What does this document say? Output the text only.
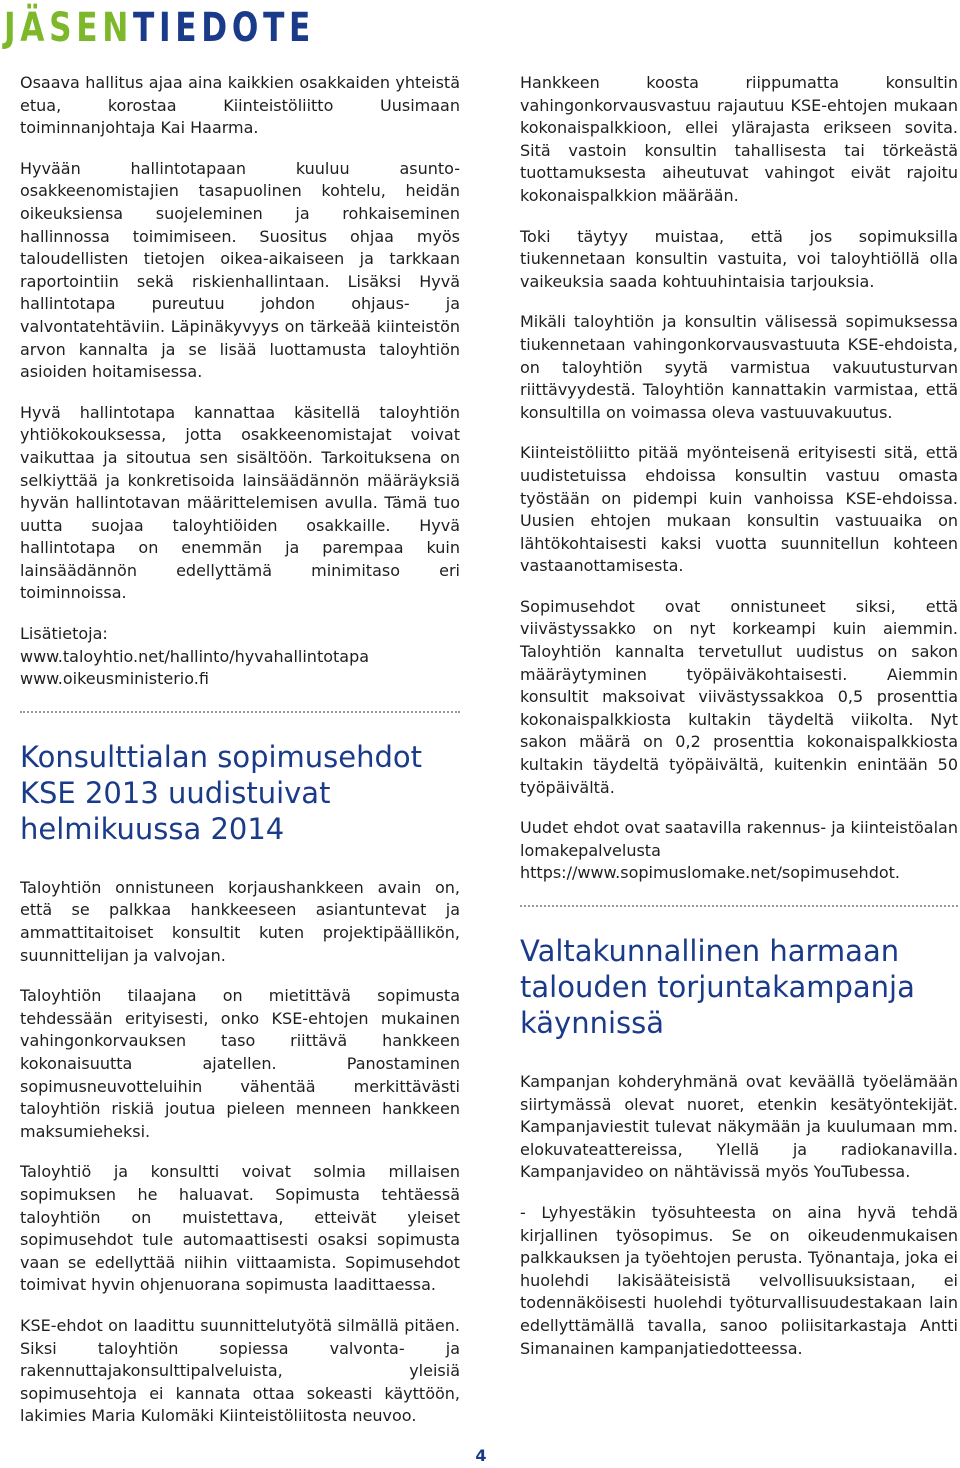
JÄSENTIEDOTE

Osaava hallitus ajaa aina kaikkien osakkaiden yhteistä etua, korostaa Kiinteistöliitto Uusimaan toiminnanjohtaja Kai Haarma.

Hyvään hallintotapaan kuuluu asunto-osakkeenomistajien tasapuolinen kohtelu, heidän oikeuksiensa suojeleminen ja rohkaiseminen hallinnossa toimimiseen. Suositus ohjaa myös taloudellisten tietojen oikea-aikaiseen ja tarkkaan raportointiin sekä riskienhallintaan. Lisäksi Hyvä hallintotapa pureutuu johdon ohjaus- ja valvontatehtäviin. Läpinäkyvyys on tärkeää kiinteistön arvon kannalta ja se lisää luottamusta taloyhtiön asioiden hoitamisessa.

Hyvä hallintotapa kannattaa käsitellä taloyhtiön yhtiökokouksessa, jotta osakkeenomistajat voivat vaikuttaa ja sitoutua sen sisältöön. Tarkoituksena on selkiyttää ja konkretisoida lainsäädännön määräyksiä hyvän hallintotavan määrittelemisen avulla. Tämä tuo uutta suojaa taloyhtiöiden osakkaille. Hyvä hallintotapa on enemmän ja parempaa kuin lainsäädännön edellyttämä minimitaso eri toiminnoissa.

Lisätietoja:
www.taloyhtio.net/hallinto/hyvahallintotapa
www.oikeusministerio.fi
Konsulttialan sopimusehdot KSE 2013 uudistuivat helmikuussa 2014

Taloyhtiön onnistuneen korjaushankkeen avain on, että se palkkaa hankkeeseen asiantuntevat ja ammattitaitoiset konsultit kuten projektipäällikön, suunnittelijan ja valvojan.

Taloyhtiön tilaajana on mietittävä sopimusta tehdessään erityisesti, onko KSE-ehtojen mukainen vahingonkorvauksen taso riittävä hankkeen kokonaisuutta ajatellen. Panostaminen sopimusneuvotteluihin vähentää merkittävästi taloyhtiön riskiä joutua pieleen menneen hankkeen maksumieheksi.

Taloyhtiö ja konsultti voivat solmia millaisen sopimuksen he haluavat. Sopimusta tehtäessä taloyhtiön on muistettava, etteivät yleiset sopimusehdot tule automaattisesti osaksi sopimusta vaan se edellyttää niihin viittaamista. Sopimusehdot toimivat hyvin ohjenuorana sopimusta laadittaessa.

KSE-ehdot on laadittu suunnittelutyötä silmällä pitäen. Siksi taloyhtiön sopiessa valvonta- ja rakennuttajakonsulttipalveluista, yleisiä sopimusehtoja ei kannata ottaa sokeasti käyttöön, lakimies Maria Kulomäki Kiinteistöliitosta neuvoo.

Hankkeen koosta riippumatta konsultin vahingonkorvausvastuu rajautuu KSE-ehtojen mukaan kokonaispalkkioon, ellei ylärajasta erikseen sovita. Sitä vastoin konsultin tahallisesta tai törkeästä tuottamuksesta aiheutuvat vahingot eivät rajoitu kokonaispalkkion määrään.

Toki täytyy muistaa, että jos sopimuksilla tiukennetaan konsultin vastuita, voi taloyhtiöllä olla vaikeuksia saada kohtuuhintaisia tarjouksia.

Mikäli taloyhtiön ja konsultin välisessä sopimuksessa tiukennetaan vahingonkorvausvastuuta KSE-ehdoista, on taloyhtiön syytä varmistua vakuutusturvan riittävyydestä. Taloyhtiön kannattakin varmistaa, että konsultilla on voimassa oleva vastuuvakuutus.

Kiinteistöliitto pitää myönteisenä erityisesti sitä, että uudistetuissa ehdoissa konsultin vastuu omasta työstään on pidempi kuin vanhoissa KSE-ehdoissa. Uusien ehtojen mukaan konsultin vastuuaika on lähtökohtaisesti kaksi vuotta suunnitellun kohteen vastaanottamisesta.

Sopimusehdot ovat onnistuneet siksi, että viivästyssakko on nyt korkeampi kuin aiemmin. Taloyhtiön kannalta tervetullut uudistus on sakon määräytyminen työpäiväkohtaisesti. Aiemmin konsultit maksoivat viivästyssakkoa 0,5 prosenttia kokonaispalkkiosta kultakin täydeltä viikolta. Nyt sakon määrä on 0,2 prosenttia kokonaispalkkiosta kultakin täydeltä työpäivältä, kuitenkin enintään 50 työpäivältä.

Uudet ehdot ovat saatavilla rakennus- ja kiinteistöalan lomakepalvelusta https://www.sopimuslomake.net/sopimusehdot.

Valtakunnallinen harmaan talouden torjuntakampanja käynnissä

Kampanjan kohderyhmänä ovat keväällä työelämään siirtymässä olevat nuoret, etenkin kesätyöntekijät. Kampanjaviestit tulevat näkymään ja kuulumaan mm. elokuvateattereissa, Ylellä ja radiokanavilla. Kampanjavideo on nähtävissä myös YouTubessa.

- Lyhyestäkin työsuhteesta on aina hyvä tehdä kirjallinen työsopimus. Se on oikeudenmukaisen palkkauksen ja työehtojen perusta. Työnantaja, joka ei huolehdi lakisääteisistä velvollisuuksistaan, ei todennäköisesti huolehdi työturvallisuudestakaan lain edellyttämällä tavalla, sanoo poliisitarkastaja Antti Simanainen kampanjatiedotteessa.

4
